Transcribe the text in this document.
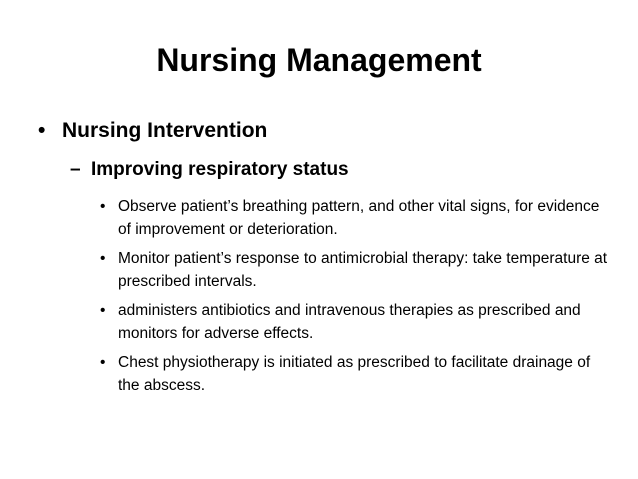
Nursing Management
• Nursing Intervention
– Improving respiratory status
• Observe patient’s breathing pattern, and other vital signs, for evidence of improvement or deterioration.
• Monitor patient’s response to antimicrobial therapy: take temperature at prescribed intervals.
• administers antibiotics and intravenous therapies as prescribed and monitors for adverse effects.
• Chest physiotherapy is initiated as prescribed to facilitate drainage of the abscess.
